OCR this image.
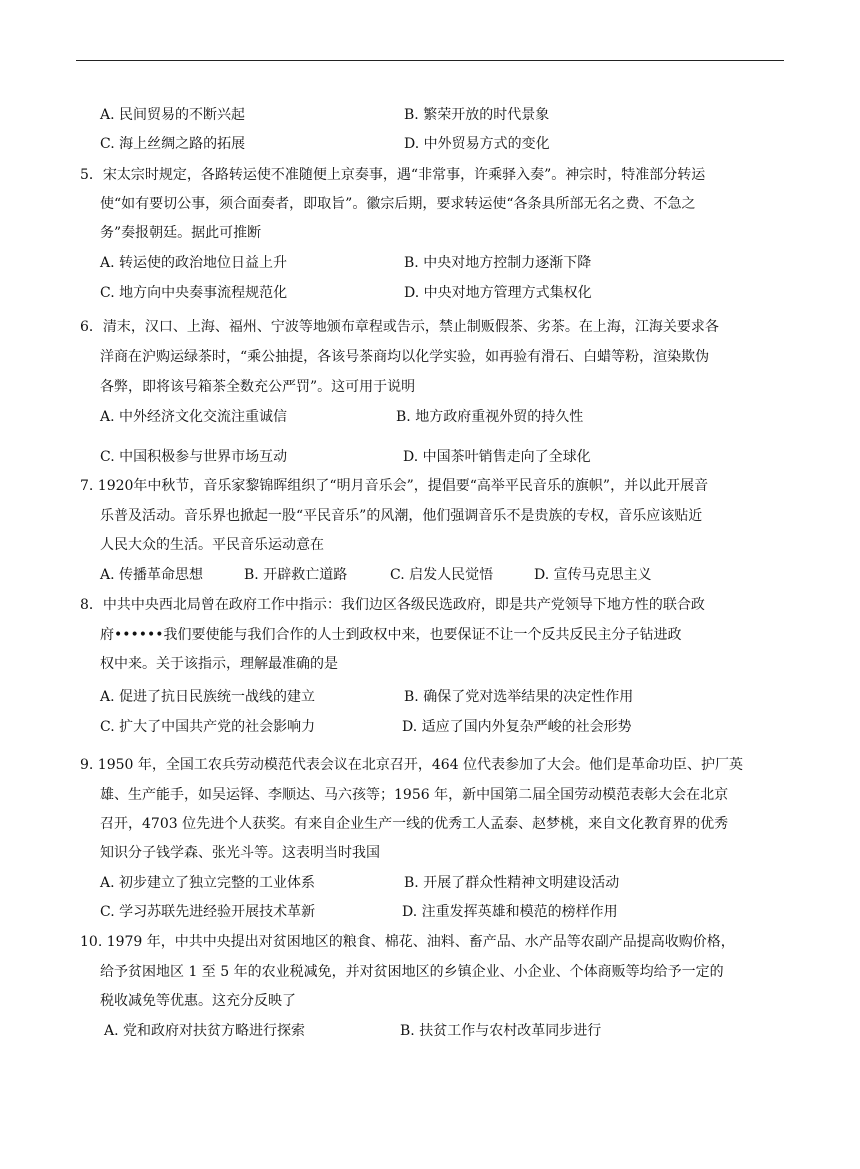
A. 民间贸易的不断兴起	B. 繁荣开放的时代景象
C. 海上丝绸之路的拓展	D. 中外贸易方式的变化
5．宋太宗时规定，各路转运使不准随便上京奏事，遇“非常事，许乘驿入奏”。神宗时，特准部分转运
使“如有要切公事，须合面奏者，即取旨”。徽宗后期，要求转运使“各条具所部无名之费、不急之
务”奏报朝廷。据此可推断
A. 转运使的政治地位日益上升	B. 中央对地方控制力逐渐下降
C. 地方向中央奏事流程规范化	D. 中央对地方管理方式集权化
6．清末，汉口、上海、福州、宁波等地颁布章程或告示，禁止制贩假茶、劣茶。在上海，江海关要求各
洋商在沪购运绿茶时，“乘公抽提，各该号茶商均以化学实验，如再验有滑石、白蜡等粉，渲染欺伪
各弊，即将该号箱茶全数充公严罚”。这可用于说明
A. 中外经济文化交流注重诚信	B. 地方政府重视外贸的持久性
C. 中国积极参与世界市场互动	D. 中国茶叶销售走向了全球化
7. 1920年中秋节，音乐家黎锦晖组织了“明月音乐会”，提倡要“高举平民音乐的旗帜”，并以此开展音
乐普及活动。音乐界也掀起一股“平民音乐”的风潮，他们强调音乐不是贵族的专权，音乐应该贴近
人民大众的生活。平民音乐运动意在
A. 传播革命思想	B. 开辟救亡道路	C. 启发人民觉悟	D. 宣传马克思主义
8．中共中央西北局曾在政府工作中指示：我们边区各级民选政府，即是共产党领导下地方性的联合政
府••••••我们要使能与我们合作的人士到政权中来，也要保证不让一个反共反民主分子钻进政
权中来。关于该指示，理解最准确的是
A. 促进了抗日民族统一战线的建立	B. 确保了党对选举结果的决定性作用
C. 扩大了中国共产党的社会影响力	D. 适应了国内外复杂严峻的社会形势
9. 1950 年，全国工农兵劳动模范代表会议在北京召开，464 位代表参加了大会。他们是革命功臣、护厂英
雄、生产能手，如吴运铎、李顺达、马六孩等；1956 年，新中国第二届全国劳动模范表彰大会在北京
召开，4703 位先进个人获奖。有来自企业生产一线的优秀工人孟泰、赵梦桃，来自文化教育界的优秀
知识分子钱学森、张光斗等。这表明当时我国
A. 初步建立了独立完整的工业体系	B. 开展了群众性精神文明建设活动
C. 学习苏联先进经验开展技术革新	D. 注重发挥英雄和模范的榜样作用
10. 1979 年，中共中央提出对贫困地区的粮食、棉花、油料、畜产品、水产品等农副产品提高收购价格，
给予贫困地区 1 至 5 年的农业税减免，并对贫困地区的乡镇企业、小企业、个体商贩等均给予一定的
税收减免等优惠。这充分反映了
A. 党和政府对扶贫方略进行探索	B. 扶贫工作与农村改革同步进行
